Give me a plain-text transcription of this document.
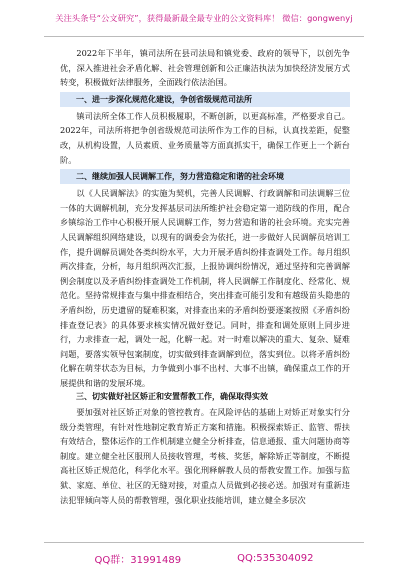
关注头条号“公文研究”，获得最新最全最专业的公文资料库！ 微信：gongwenyj

2022年下半年，镇司法所在县司法局和镇党委、政府的领导下，以创先争优，深入推进社会矛盾化解、社会管理创新和公正廉洁执法为加快经济发展方式转变，积极做好法律服务，全面践行依法治国。

一、进一步深化规范化建设，争创省级规范司法所

镇司法所全体工作人员积极履职，不断创新，以更高标准，严格要求自己。2022年，司法所将把争创省级规范司法所作为工作的目标，认真找差距，促整改，从机构设置，人员素质、业务质量等方面真抓实干，确保工作更上一个新台阶。

二、继续加强人民调解工作，努力营造稳定和谐的社会环境

以《人民调解法》的实施为契机，完善人民调解、行政调解和司法调解三位一体的大调解机制，充分发挥基层司法所维护社会稳定第一道防线的作用，配合乡镇综治工作中心积极开展人民调解工作，努力营造和谐的社会环境。充实完善人民调解组织网络建设，以现有的调委会为依托，进一步做好人民调解员培训工作，提升调解员调处各类纠纷水平，大力开展矛盾纠纷排查调处工作。每月组织两次排查，分析，每月组织两次汇报，上报协调纠纷情况，通过坚持和完善调解例会制度以及矛盾纠纷排查调处工作机制，将人民调解工作制度化、经常化、规范化。坚持常规排查与集中排查相结合，突出排查可能引发和有越级苗头隐患的矛盾纠纷，历史遗留的疑难积案，对排查出来的矛盾纠纷要逐案按照《矛盾纠纷排查登记表》的具体要求核实情况做好登记。同时，排查和调处原则上同步进行，力求排查一起，调处一起，化解一起。对一时难以解决的重大、复杂、疑难问题，要落实领导包案制度，切实做到排查调解到位，落实到位。以将矛盾纠纷化解在萌芽状态为目标，力争做到小事不出村、大事不出镇，确保重点工作的开展提供和谐的发展环境。

三、切实做好社区矫正和安置帮教工作，确保取得实效

要加强对社区矫正对象的管控教育。在风险评估的基础上对矫正对象实行分级分类管理，有针对性地制定教育矫正方案和措施。积极探索矫正、监管、帮扶有效结合，整体运作的工作机制建立健全分析排查，信息通报、重大问题协商等制度。建立健全社区服刑人员接收管理，考核、奖惩，解除矫正等制度，不断提高社区矫正规范化，科学化水平。强化刑释解教人员的帮教安置工作。加强与监狱、家庭、单位、社区的无缝对接，对重点人员做到必接必送。加强对有重新违法犯罪倾向等人员的帮教管理，强化职业技能培训，建立健全多层次

QQ群：31991489	QQ:535304092
